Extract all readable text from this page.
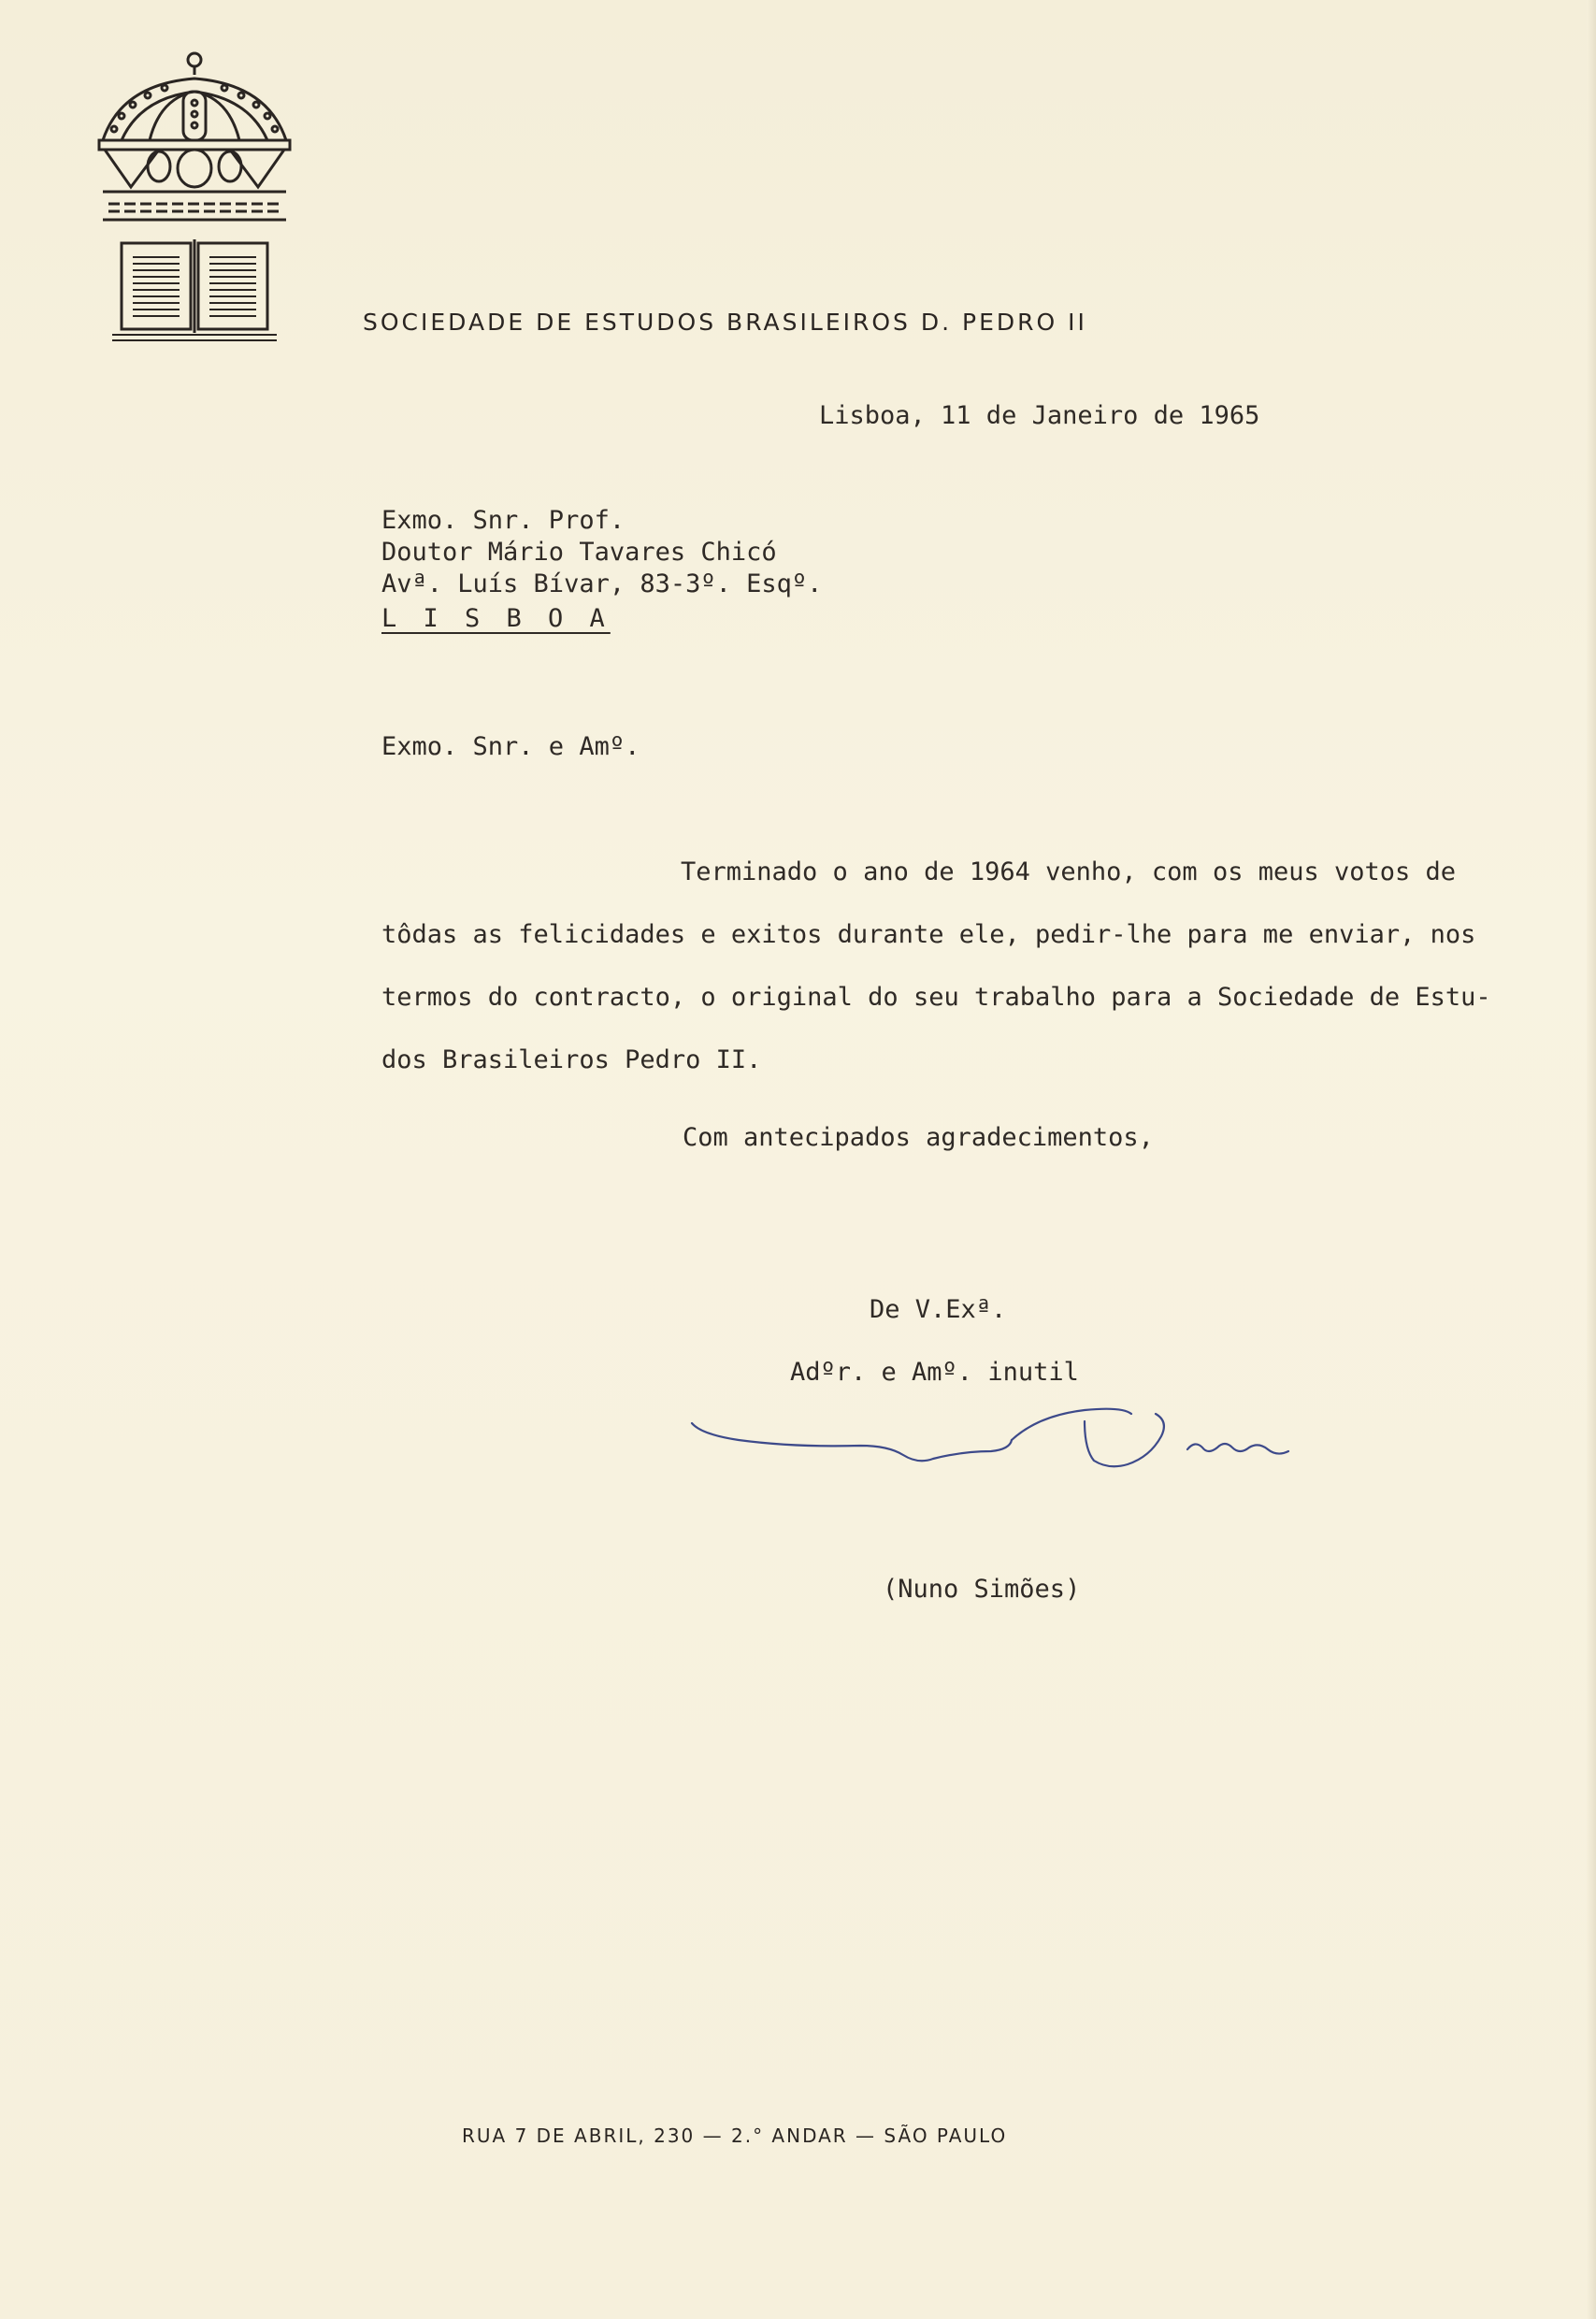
SOCIEDADE DE ESTUDOS BRASILEIROS D. PEDRO II
Lisboa, 11 de Janeiro de 1965
Exmo. Snr. Prof.
Doutor Mário Tavares Chicó
Avª. Luís Bívar, 83-3º. Esqº.
L I S B O A
Exmo. Snr. e Amº.
Terminado o ano de 1964 venho, com os meus votos de
tôdas as felicidades e exitos durante ele, pedir-lhe para me enviar, nos
termos do contracto, o original do seu trabalho para a Sociedade de Estu-
dos Brasileiros Pedro II.
Com antecipados agradecimentos,
De V.Exª.
Adºr. e Amº. inutil
(Nuno Simões)
RUA 7 DE ABRIL, 230 — 2.° ANDAR — SÃO PAULO
